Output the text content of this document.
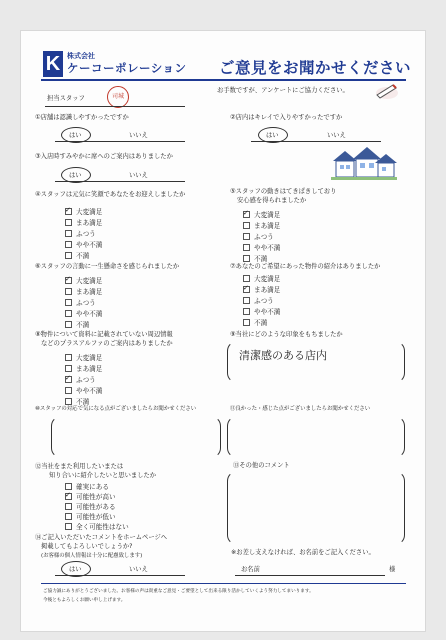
K 株式会社
ケーコーポレーション ご意見をお聞かせください
担当スタッフ	司城
お手数ですが、アンケートにご協力ください。
①店舗は認識しやすかったですか
はい	いいえ
②店内はキレイで入りやすかったですか
はい	いいえ
③入店時すみやかに席へのご案内はありましたか
はい	いいえ
④スタッフは元気に笑顔であなたをお迎えしましたか
大変満足
まあ満足
ふつう
やや不満
不満
✓
⑤スタッフの動きはてきぱきしており
安心感を得られましたか
大変満足
まあ満足
ふつう
やや不満
不満
✓
⑥スタッフの言動に一生懸命さを感じられましたか
大変満足
まあ満足
ふつう
やや不満
不満
✓
⑦あなたのご希望にあった物件の紹介はありましたか
大変満足
まあ満足
ふつう
やや不満
不満
✓
⑧物件について資料に記載されていない周辺情報
などのプラスアルファのご案内はありましたか
大変満足
まあ満足
ふつう
やや不満
不満
✓
⑨当社にどのような印象をもちましたか
清潔感のある店内
⑩スタッフの対応で気になる点がございましたらお聞かせください	⑪良かった・感じた点がございましたらお聞かせください
⑫当社をまた利用したいまたは
知り合いに紹介したいと思いましたか
確実にある
可能性が高い
可能性がある
可能性が低い
全く可能性はない
✓
⑬その他のコメント
⑭ご記入いただいたコメントをホームページへ
掲載してもよろしいでしょうか?
(お客様の個人情報は十分に配慮致します)
はい	いいえ
※お差し支えなければ、お名前をご記入ください。
お名前	様
ご協力誠にありがとうございました。お客様の声は貴重なご意見・ご要望として出来る限り活かしていくよう努力してまいります。
今後ともよろしくお願い申し上げます。
